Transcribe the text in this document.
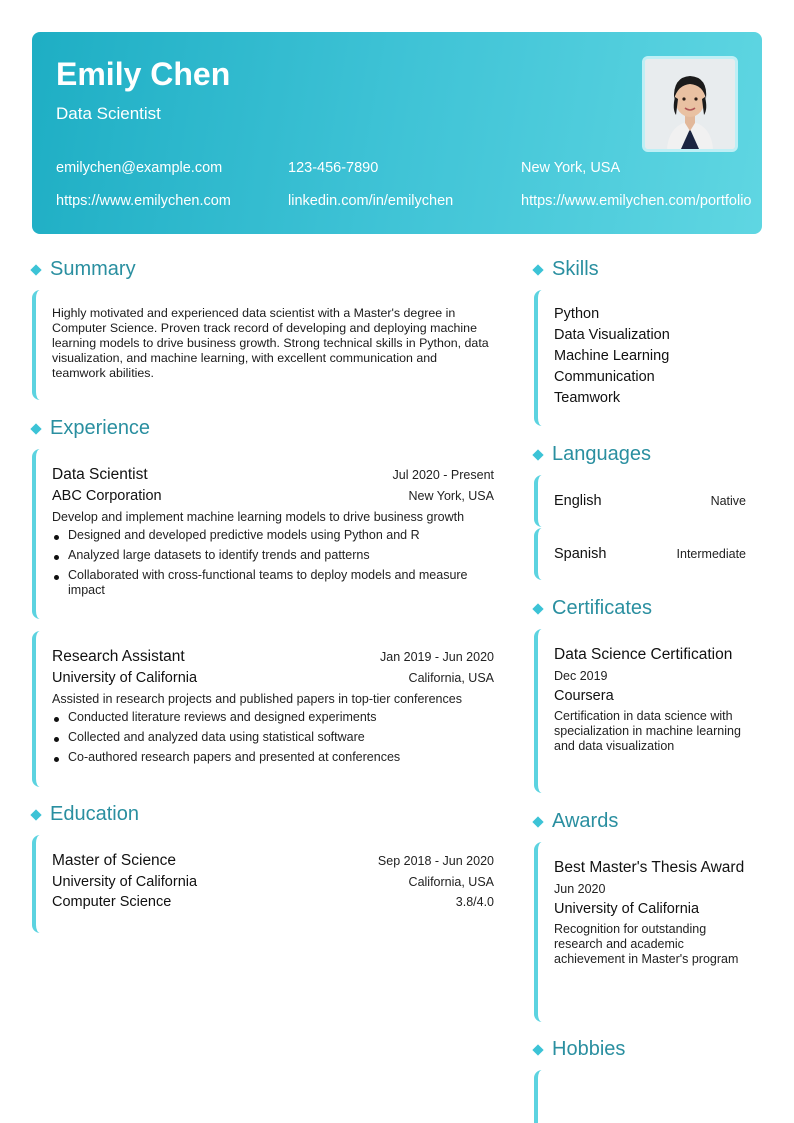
Emily Chen
Data Scientist
emilychen@example.com	123-456-7890	New York, USA
https://www.emilychen.com	linkedin.com/in/emilychen	https://www.emilychen.com/portfolio
Summary
Highly motivated and experienced data scientist with a Master's degree in Computer Science. Proven track record of developing and deploying machine learning models to drive business growth. Strong technical skills in Python, data visualization, and machine learning, with excellent communication and teamwork abilities.
Experience
Data Scientist	Jul 2020 - Present
ABC Corporation	New York, USA
Develop and implement machine learning models to drive business growth
Designed and developed predictive models using Python and R
Analyzed large datasets to identify trends and patterns
Collaborated with cross-functional teams to deploy models and measure impact
Research Assistant	Jan 2019 - Jun 2020
University of California	California, USA
Assisted in research projects and published papers in top-tier conferences
Conducted literature reviews and designed experiments
Collected and analyzed data using statistical software
Co-authored research papers and presented at conferences
Education
Master of Science	Sep 2018 - Jun 2020
University of California	California, USA
Computer Science	3.8/4.0
Skills
Python
Data Visualization
Machine Learning
Communication
Teamwork
Languages
English	Native
Spanish	Intermediate
Certificates
Data Science Certification
Dec 2019
Coursera
Certification in data science with specialization in machine learning and data visualization
Awards
Best Master's Thesis Award
Jun 2020
University of California
Recognition for outstanding research and academic achievement in Master's program
Hobbies
